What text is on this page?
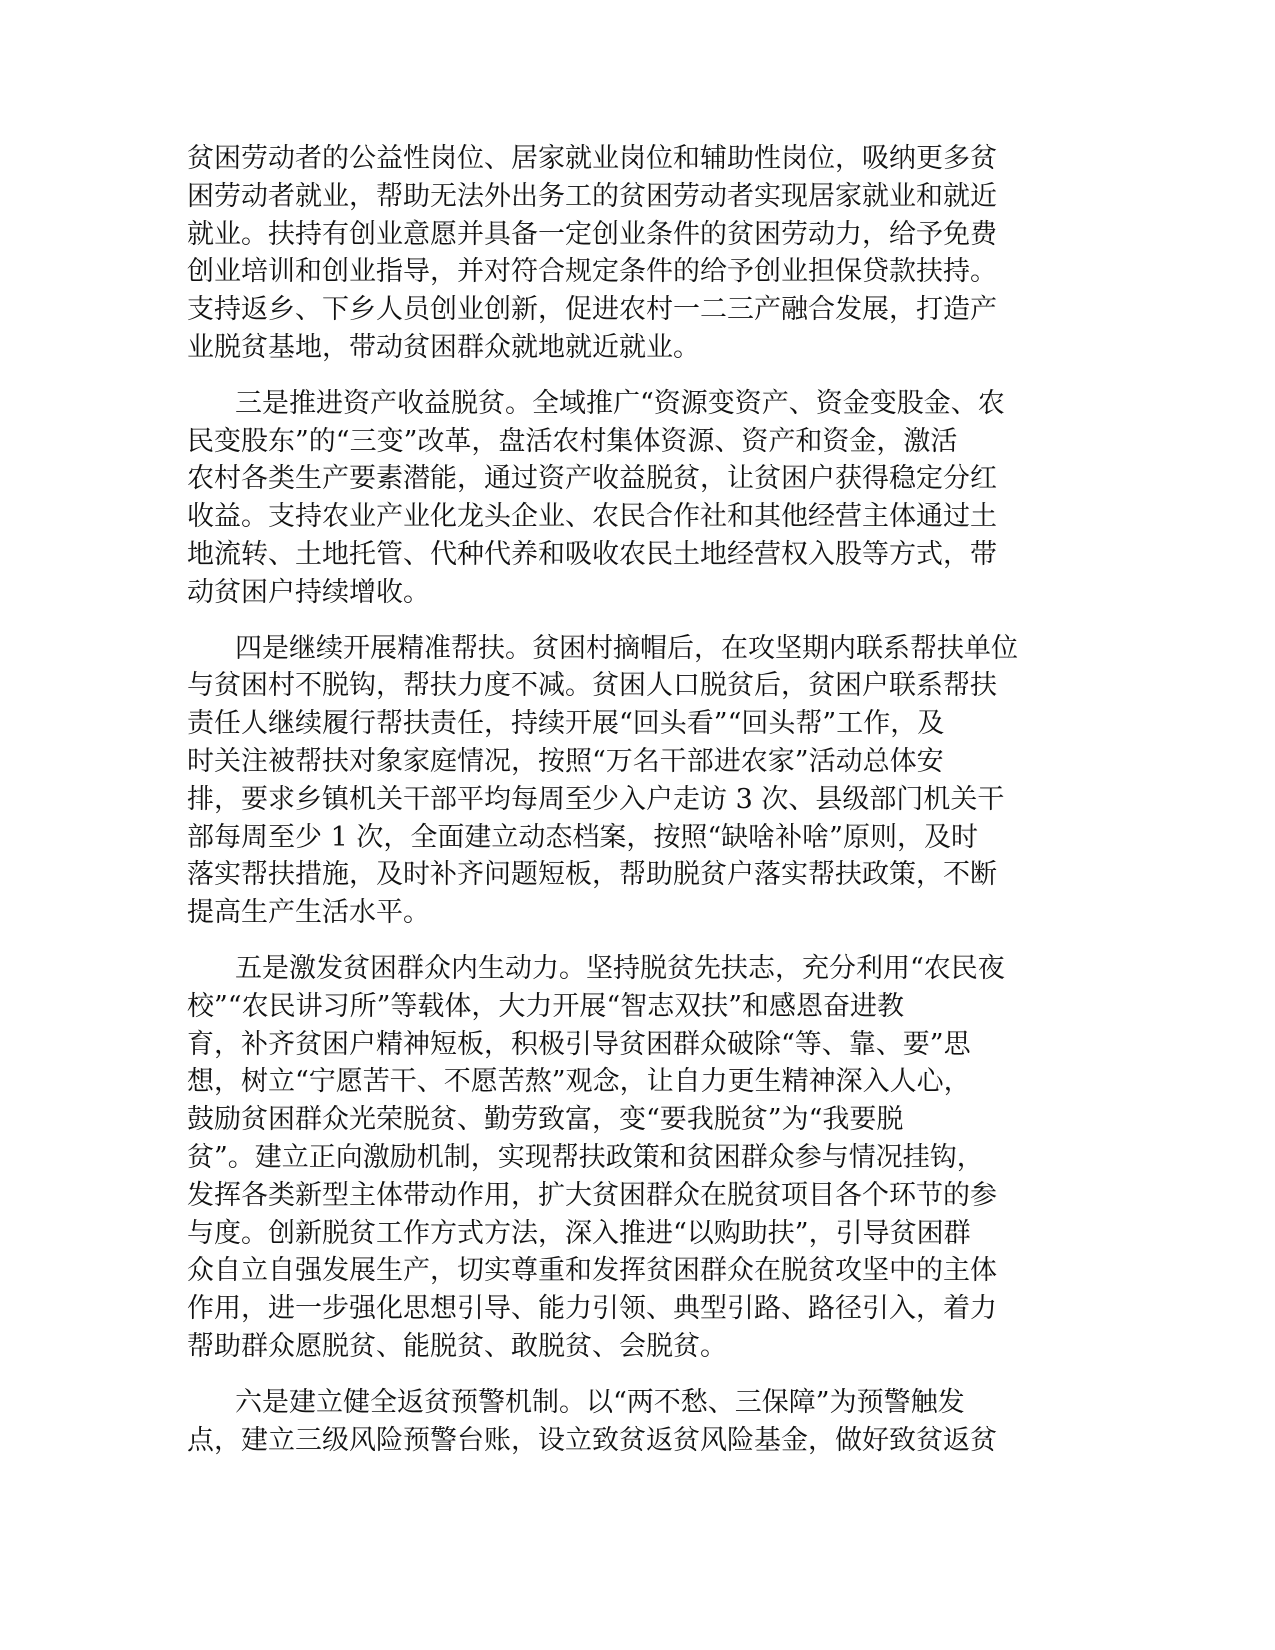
贫困劳动者的公益性岗位、居家就业岗位和辅助性岗位，吸纳更多贫
困劳动者就业，帮助无法外出务工的贫困劳动者实现居家就业和就近
就业。扶持有创业意愿并具备一定创业条件的贫困劳动力，给予免费
创业培训和创业指导，并对符合规定条件的给予创业担保贷款扶持。
支持返乡、下乡人员创业创新，促进农村一二三产融合发展，打造产
业脱贫基地，带动贫困群众就地就近就业。
三是推进资产收益脱贫。全域推广“资源变资产、资金变股金、农
民变股东”的“三变”改革，盘活农村集体资源、资产和资金，激活
农村各类生产要素潜能，通过资产收益脱贫，让贫困户获得稳定分红
收益。支持农业产业化龙头企业、农民合作社和其他经营主体通过土
地流转、土地托管、代种代养和吸收农民土地经营权入股等方式，带
动贫困户持续增收。
四是继续开展精准帮扶。贫困村摘帽后，在攻坚期内联系帮扶单位
与贫困村不脱钩，帮扶力度不减。贫困人口脱贫后，贫困户联系帮扶
责任人继续履行帮扶责任，持续开展“回头看”“回头帮”工作，及
时关注被帮扶对象家庭情况，按照“万名干部进农家”活动总体安
排，要求乡镇机关干部平均每周至少入户走访 3 次、县级部门机关干
部每周至少 1 次，全面建立动态档案，按照“缺啥补啥”原则，及时
落实帮扶措施，及时补齐问题短板，帮助脱贫户落实帮扶政策，不断
提高生产生活水平。
五是激发贫困群众内生动力。坚持脱贫先扶志，充分利用“农民夜
校”“农民讲习所”等载体，大力开展“智志双扶”和感恩奋进教
育，补齐贫困户精神短板，积极引导贫困群众破除“等、靠、要”思
想，树立“宁愿苦干、不愿苦熬”观念，让自力更生精神深入人心，
鼓励贫困群众光荣脱贫、勤劳致富，变“要我脱贫”为“我要脱
贫”。建立正向激励机制，实现帮扶政策和贫困群众参与情况挂钩，
发挥各类新型主体带动作用，扩大贫困群众在脱贫项目各个环节的参
与度。创新脱贫工作方式方法，深入推进“以购助扶”，引导贫困群
众自立自强发展生产，切实尊重和发挥贫困群众在脱贫攻坚中的主体
作用，进一步强化思想引导、能力引领、典型引路、路径引入，着力
帮助群众愿脱贫、能脱贫、敢脱贫、会脱贫。
六是建立健全返贫预警机制。以“两不愁、三保障”为预警触发
点，建立三级风险预警台账，设立致贫返贫风险基金，做好致贫返贫
